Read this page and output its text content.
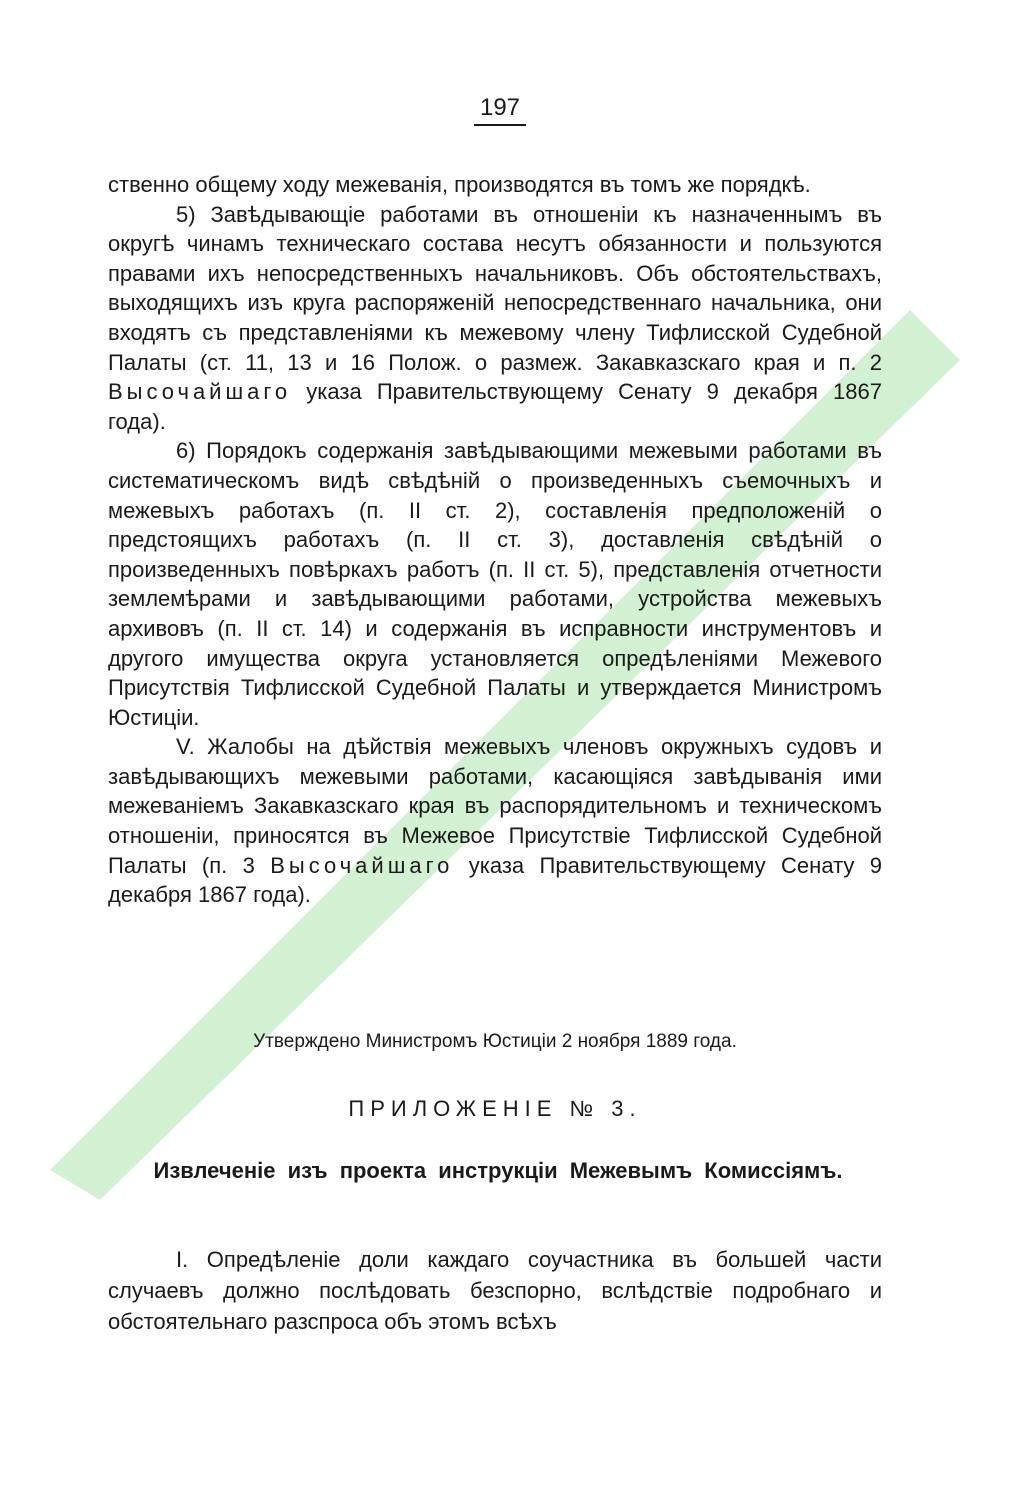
197

ственно общему ходу межеванія, производятся въ томъ же порядкѣ.

5) Завѣдывающіе работами въ отношеніи къ назначеннымъ въ округѣ чинамъ техническаго состава несутъ обязанности и пользуются правами ихъ непосредственныхъ начальниковъ. Объ обстоятельствахъ, выходящихъ изъ круга распоряженій непосредственнаго начальника, они входятъ съ представленіями къ межевому члену Тифлисской Судебной Палаты (ст. 11, 13 и 16 Полож. о размеж. Закавказскаго края и п. 2 Высочайшаго указа Правительствующему Сенату 9 декабря 1867 года).

6) Порядокъ содержанія завѣдывающими межевыми работами въ систематическомъ видѣ свѣдѣній о произведенныхъ съемочныхъ и межевыхъ работахъ (п. II ст. 2), составленія предположеній о предстоящихъ работахъ (п. II ст. 3), доставленія свѣдѣній о произведенныхъ повѣркахъ работъ (п. II ст. 5), представленія отчетности землемѣрами и завѣдывающими работами, устройства межевыхъ архивовъ (п. II ст. 14) и содержанія въ исправности инструментовъ и другого имущества округа установляется опредѣленіями Межевого Присутствія Тифлисской Судебной Палаты и утверждается Министромъ Юстиціи.

V. Жалобы на дѣйствія межевыхъ членовъ окружныхъ судовъ и завѣдывающихъ межевыми работами, касающіяся завѣдыванія ими межеваніемъ Закавказскаго края въ распорядительномъ и техническомъ отношеніи, приносятся въ Межевое Присутствіе Тифлисской Судебной Палаты (п. 3 Высочайшаго указа Правительствующему Сенату 9 декабря 1867 года).

Утверждено Министромъ Юстиціи 2 ноября 1889 года.
ПРИЛОЖЕНІЕ № 3.
Извлеченіе изъ проекта инструкціи Межевымъ Комиссіямъ.

I. Опредѣленіе доли каждаго соучастника въ большей части случаевъ должно послѣдовать безспорно, вслѣдствіе подробнаго и обстоятельнаго разспроса объ этомъ всѣхъ
